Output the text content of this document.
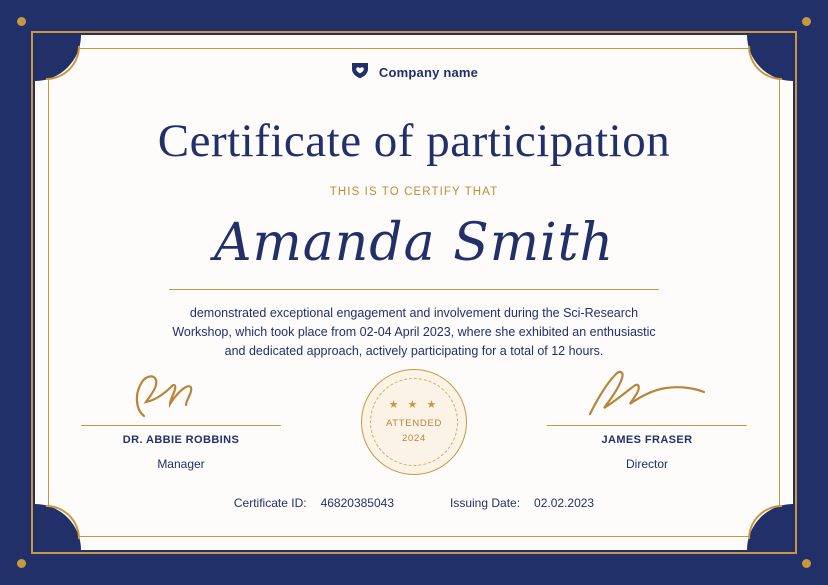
Company name
Certificate of participation
THIS IS TO CERTIFY THAT
Amanda Smith
demonstrated exceptional engagement and involvement during the Sci-Research Workshop, which took place from 02-04 April 2023, where she exhibited an enthusiastic and dedicated approach, actively participating for a total of 12 hours.
DR. ABBIE ROBBINS
Manager
★ ★ ★
ATTENDED
2024	JAMES FRASER
Director
Certificate ID: 46820385043	Issuing Date: 02.02.2023
